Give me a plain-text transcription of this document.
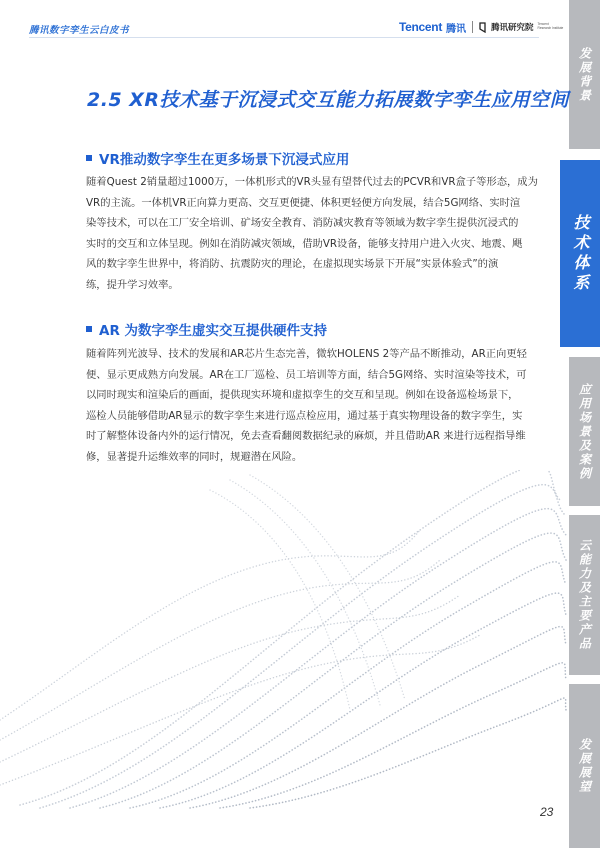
腾讯数字孪生云白皮书	Tencent 腾讯	腾讯研究院 Tencent
Research Institute
发展背景
技术体系
应用场景及案例
云能力及主要产品
发展展望
2.5 XR技术基于沉浸式交互能力拓展数字孪生应用空间
VR推动数字孪生在更多场景下沉浸式应用

随着Quest 2销量超过1000万，一体机形式的VR头显有望替代过去的PCVR和VR盒子等形态，成为
VR的主流。一体机VR正向算力更高、交互更便捷、体积更轻便方向发展，结合5G网络、实时渲
染等技术，可以在工厂安全培训、矿场安全教育、消防减灾教育等领域为数字孪生提供沉浸式的
实时的交互和立体呈现。例如在消防减灾领域，借助VR设备，能够支持用户进入火灾、地震、飓
风的数字孪生世界中，将消防、抗震防灾的理论，在虚拟现实场景下开展“实景体验式”的演
练，提升学习效率。

AR 为数字孪生虚实交互提供硬件支持

随着阵列光波导、技术的发展和AR芯片生态完善，微软HOLENS 2等产品不断推动，AR正向更轻
便、显示更成熟方向发展。AR在工厂巡检、员工培训等方面，结合5G网络、实时渲染等技术，可
以同时现实和渲染后的画面，提供现实环境和虚拟孪生的交互和呈现。例如在设备巡检场景下，
巡检人员能够借助AR显示的数字孪生来进行巡点检应用，通过基于真实物理设备的数字孪生，实
时了解整体设备内外的运行情况，免去查看翻阅数据纪录的麻烦，并且借助AR 来进行远程指导维
修，显著提升运维效率的同时，规避潜在风险。

23
